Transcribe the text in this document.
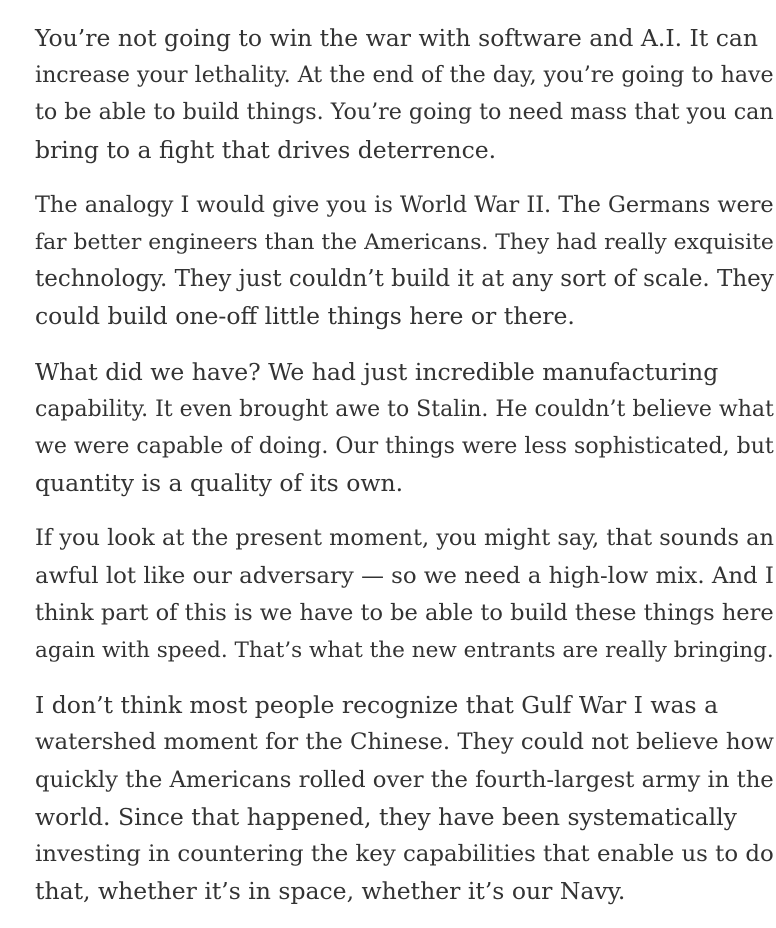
You’re not going to win the war with software and A.I. It can
increase your lethality. At the end of the day, you’re going to have
to be able to build things. You’re going to need mass that you can
bring to a fight that drives deterrence.

The analogy I would give you is World War II. The Germans were
far better engineers than the Americans. They had really exquisite
technology. They just couldn’t build it at any sort of scale. They
could build one-off little things here or there.

What did we have? We had just incredible manufacturing
capability. It even brought awe to Stalin. He couldn’t believe what
we were capable of doing. Our things were less sophisticated, but
quantity is a quality of its own.

If you look at the present moment, you might say, that sounds an
awful lot like our adversary — so we need a high-low mix. And I
think part of this is we have to be able to build these things here
again with speed. That’s what the new entrants are really bringing.

I don’t think most people recognize that Gulf War I was a
watershed moment for the Chinese. They could not believe how
quickly the Americans rolled over the fourth-largest army in the
world. Since that happened, they have been systematically
investing in countering the key capabilities that enable us to do
that, whether it’s in space, whether it’s our Navy.
